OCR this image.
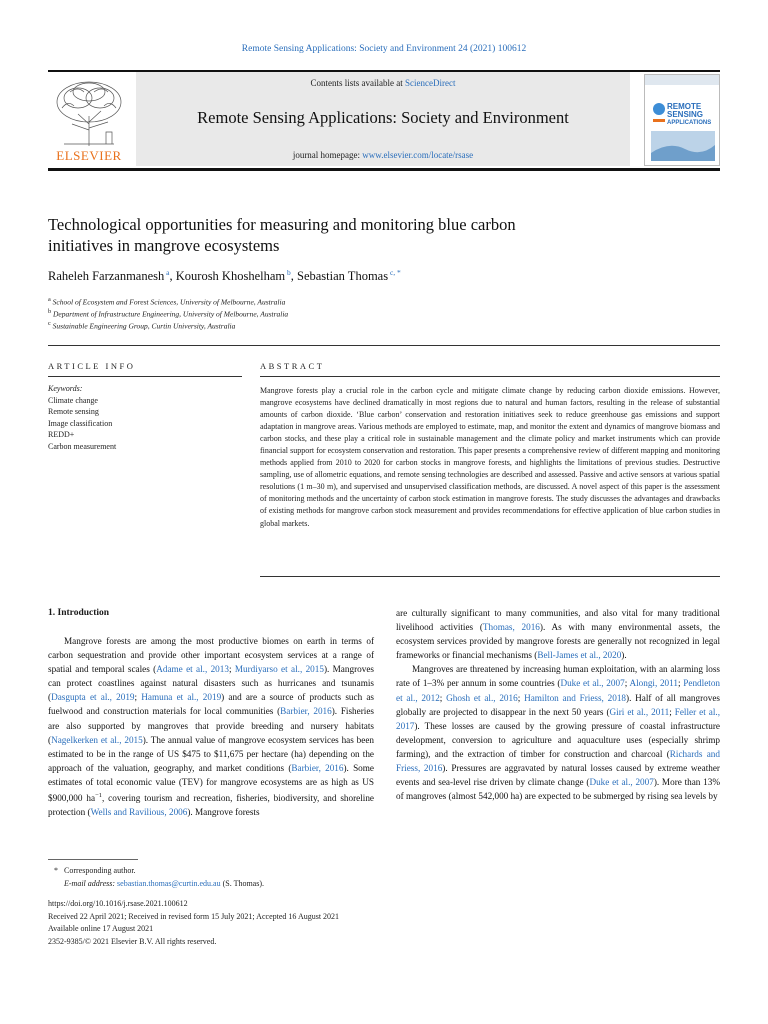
Remote Sensing Applications: Society and Environment 24 (2021) 100612
ELSEVIER
Contents lists available at ScienceDirect
Remote Sensing Applications: Society and Environment
journal homepage: www.elsevier.com/locate/rsase
REMOTE
SENSING
APPLICATIONS
Technological opportunities for measuring and monitoring blue carbon
initiatives in mangrove ecosystems
Raheleh Farzanmanesh $^a$, Kourosh Khoshelham $^b$, Sebastian Thomas $^{c, *}$
$^a$ School of Ecosystem and Forest Sciences, University of Melbourne, Australia
$^b$ Department of Infrastructure Engineering, University of Melbourne, Australia
$^c$ Sustainable Engineering Group, Curtin University, Australia
ARTICLE INFO	ABSTRACT
Keywords:
Climate change
Remote sensing
Image classification
REDD+
Carbon measurement
Mangrove forests play a crucial role in the carbon cycle and mitigate climate change by reducing carbon dioxide emissions. However, mangrove ecosystems have declined dramatically in most regions due to natural and human factors, resulting in the release of substantial amounts of carbon dioxide. ‘Blue carbon’ conservation and restoration initiatives seek to reduce greenhouse gas emissions and support adaptation in mangrove areas. Various methods are employed to estimate, map, and monitor the extent and dynamics of mangrove biomass and carbon stocks, and these play a critical role in sustainable management and the climate policy and market instruments which can provide financial support for ecosystem conservation and restoration. This paper presents a comprehensive review of different mapping and monitoring methods applied from 2010 to 2020 for carbon stocks in mangrove forests, and highlights the limitations of previous studies. Destructive sampling, use of allometric equations, and remote sensing technologies are described and assessed. Passive and active sensors at various spatial resolutions (1 m–30 m), and supervised and unsupervised classification methods, are discussed. A novel aspect of this paper is the assessment of monitoring methods and the uncertainty of carbon stock estimation in mangrove forests. The study discusses the advantages and drawbacks of existing methods for mangrove carbon stock measurement and provides recommendations for effective application of blue carbon studies in global markets.
1. Introduction

Mangrove forests are among the most productive biomes on earth in terms of carbon sequestration and provide other important ecosystem services at a range of spatial and temporal scales (Adame et al., 2013; Murdiyarso et al., 2015). Mangroves can protect coastlines against natural disasters such as hurricanes and tsunamis (Dasgupta et al., 2019; Hamuna et al., 2019) and are a source of products such as fuelwood and construction materials for local communities (Barbier, 2016). Fisheries are also supported by mangroves that provide breeding and nursery habitats (Nagelkerken et al., 2015). The annual value of mangrove ecosystem services has been estimated to be in the range of US $475 to $11,675 per hectare (ha) depending on the approach of the valuation, geography, and market conditions (Barbier, 2016). Some estimates of total economic value (TEV) for mangrove ecosystems are as high as US $900,000 $ha^{-1}$, covering tourism and recreation, fisheries, biodiversity, and shoreline protection (Wells and Ravilious, 2006). Mangrove forests

are culturally significant to many communities, and also vital for many traditional livelihood activities (Thomas, 2016). As with many environmental assets, the ecosystem services provided by mangrove forests are generally not recognized in legal frameworks or financial mechanisms (Bell-James et al., 2020).

Mangroves are threatened by increasing human exploitation, with an alarming loss rate of 1–3% per annum in some countries (Duke et al., 2007; Alongi, 2011; Pendleton et al., 2012; Ghosh et al., 2016; Hamilton and Friess, 2018). Half of all mangroves globally are projected to disappear in the next 50 years (Giri et al., 2011; Feller et al., 2017). These losses are caused by the growing pressure of coastal infrastructure development, conversion to agriculture and aquaculture uses (especially shrimp farming), and the extraction of timber for construction and charcoal (Richards and Friess, 2016). Pressures are aggravated by natural losses caused by extreme weather events and sea-level rise driven by climate change (Duke et al., 2007). More than 13% of mangroves (almost 542,000 ha) are expected to be submerged by rising sea levels by

* Corresponding author.
E-mail address: sebastian.thomas@curtin.edu.au (S. Thomas).
https://doi.org/10.1016/j.rsase.2021.100612
Received 22 April 2021; Received in revised form 15 July 2021; Accepted 16 August 2021
Available online 17 August 2021
2352-9385/© 2021 Elsevier B.V. All rights reserved.
